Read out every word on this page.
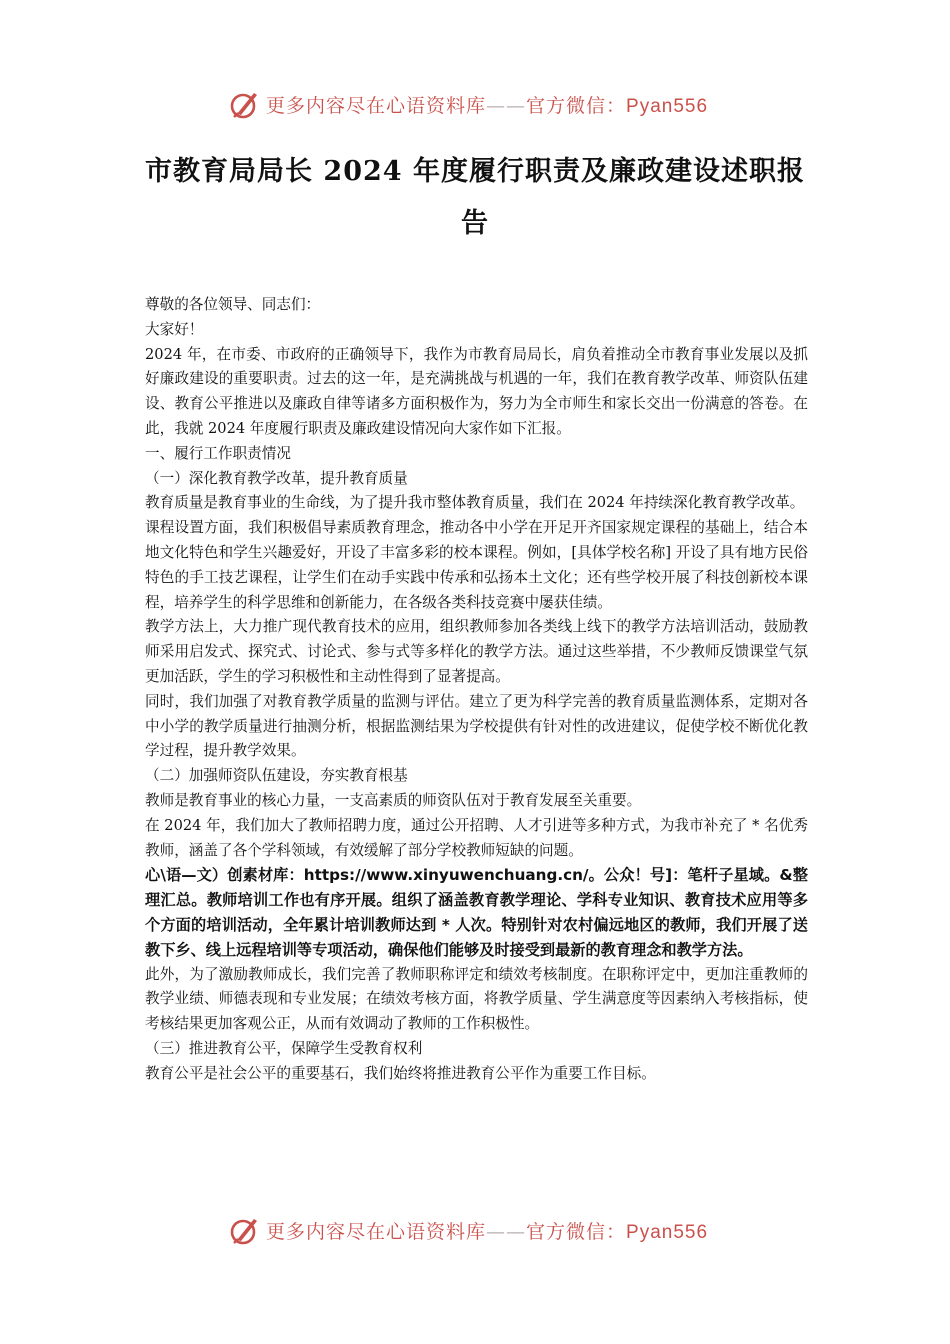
更多内容尽在心语资料库——官方微信：Pyan556
市教育局局长 2024 年度履行职责及廉政建设述职报告

尊敬的各位领导、同志们：

大家好！

2024 年，在市委、市政府的正确领导下，我作为市教育局局长，肩负着推动全市教育事业发展以及抓好廉政建设的重要职责。过去的这一年，是充满挑战与机遇的一年，我们在教育教学改革、师资队伍建设、教育公平推进以及廉政自律等诸多方面积极作为，努力为全市师生和家长交出一份满意的答卷。在此，我就 2024 年度履行职责及廉政建设情况向大家作如下汇报。

一、履行工作职责情况

（一）深化教育教学改革，提升教育质量

教育质量是教育事业的生命线，为了提升我市整体教育质量，我们在 2024 年持续深化教育教学改革。

课程设置方面，我们积极倡导素质教育理念，推动各中小学在开足开齐国家规定课程的基础上，结合本地文化特色和学生兴趣爱好，开设了丰富多彩的校本课程。例如，[具体学校名称] 开设了具有地方民俗特色的手工技艺课程，让学生们在动手实践中传承和弘扬本土文化；还有些学校开展了科技创新校本课程，培养学生的科学思维和创新能力，在各级各类科技竞赛中屡获佳绩。

教学方法上，大力推广现代教育技术的应用，组织教师参加各类线上线下的教学方法培训活动，鼓励教师采用启发式、探究式、讨论式、参与式等多样化的教学方法。通过这些举措，不少教师反馈课堂气氛更加活跃，学生的学习积极性和主动性得到了显著提高。

同时，我们加强了对教育教学质量的监测与评估。建立了更为科学完善的教育质量监测体系，定期对各中小学的教学质量进行抽测分析，根据监测结果为学校提供有针对性的改进建议，促使学校不断优化教学过程，提升教学效果。

（二）加强师资队伍建设，夯实教育根基

教师是教育事业的核心力量，一支高素质的师资队伍对于教育发展至关重要。

在 2024 年，我们加大了教师招聘力度，通过公开招聘、人才引进等多种方式，为我市补充了 * 名优秀教师，涵盖了各个学科领域，有效缓解了部分学校教师短缺的问题。

心\语—文）创素材库：https://www.xinyuwenchuang.cn/。公众！号]：笔杆子星域。&整理汇总。教师培训工作也有序开展。组织了涵盖教育教学理论、学科专业知识、教育技术应用等多个方面的培训活动，全年累计培训教师达到 * 人次。特别针对农村偏远地区的教师，我们开展了送教下乡、线上远程培训等专项活动，确保他们能够及时接受到最新的教育理念和教学方法。

此外，为了激励教师成长，我们完善了教师职称评定和绩效考核制度。在职称评定中，更加注重教师的教学业绩、师德表现和专业发展；在绩效考核方面，将教学质量、学生满意度等因素纳入考核指标，使考核结果更加客观公正，从而有效调动了教师的工作积极性。

（三）推进教育公平，保障学生受教育权利

教育公平是社会公平的重要基石，我们始终将推进教育公平作为重要工作目标。

更多内容尽在心语资料库——官方微信：Pyan556
